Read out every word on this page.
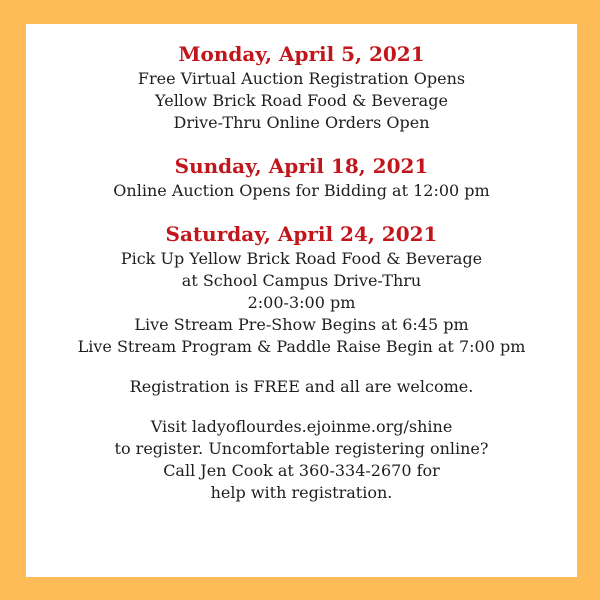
Monday, April 5, 2021
Free Virtual Auction Registration Opens
Yellow Brick Road Food & Beverage
Drive-Thru Online Orders Open
Sunday, April 18, 2021
Online Auction Opens for Bidding at 12:00 pm
Saturday, April 24, 2021
Pick Up Yellow Brick Road Food & Beverage
at School Campus Drive-Thru
2:00-3:00 pm
Live Stream Pre-Show Begins at 6:45 pm
Live Stream Program & Paddle Raise Begin at 7:00 pm
Registration is FREE and all are welcome.
Visit ladyoflourdes.ejoinme.org/shine
to register. Uncomfortable registering online?
Call Jen Cook at 360-334-2670 for
help with registration.
